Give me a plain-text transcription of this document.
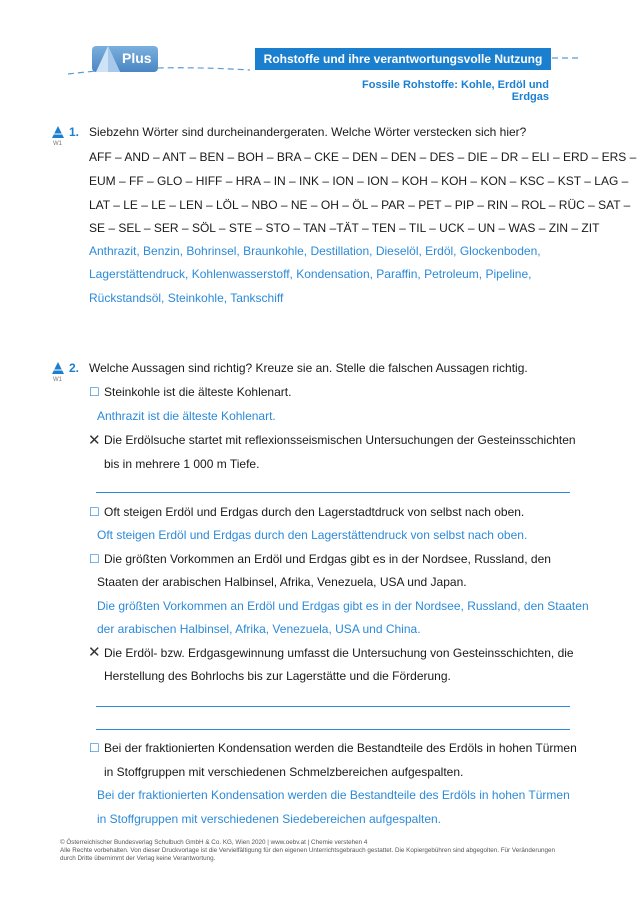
Plus	Rohstoffe und ihre verantwortungsvolle Nutzung
Fossile Rohstoffe: Kohle, Erdöl und Erdgas
W1
1. Siebzehn Wörter sind durcheinandergeraten. Welche Wörter verstecken sich hier?
AFF – AND – ANT – BEN – BOH – BRA – CKE – DEN – DEN – DES – DIE – DR – ELI – ERD – ERS –
EUM – FF – GLO – HIFF – HRA – IN – INK – ION – ION – KOH – KOH – KON – KSC – KST – LAG –
LAT – LE – LE – LEN – LÖL – NBO – NE – OH – ÖL – PAR – PET – PIP – RIN – ROL – RÜC – SAT –
SE – SEL – SER – SÖL – STE – STO – TAN –TÄT – TEN – TIL – UCK – UN – WAS – ZIN – ZIT
Anthrazit, Benzin, Bohrinsel, Braunkohle, Destillation, Dieselöl, Erdöl, Glockenboden,
Lagerstättendruck, Kohlenwasserstoff, Kondensation, Paraffin, Petroleum, Pipeline,
Rückstandsöl, Steinkohle, Tankschiff
W1
2. Welche Aussagen sind richtig? Kreuze sie an. Stelle die falschen Aussagen richtig.
☐ Steinkohle ist die älteste Kohlenart.
Anthrazit ist die älteste Kohlenart.
✕ Die Erdölsuche startet mit reflexionsseismischen Untersuchungen der Gesteinsschichten
bis in mehrere 1 000 m Tiefe.
☐ Oft steigen Erdöl und Erdgas durch den Lagerstadtdruck von selbst nach oben.
Oft steigen Erdöl und Erdgas durch den Lagerstättendruck von selbst nach oben.
☐ Die größten Vorkommen an Erdöl und Erdgas gibt es in der Nordsee, Russland, den
Staaten der arabischen Halbinsel, Afrika, Venezuela, USA und Japan.
Die größten Vorkommen an Erdöl und Erdgas gibt es in der Nordsee, Russland, den Staaten
der arabischen Halbinsel, Afrika, Venezuela, USA und China.
✕ Die Erdöl- bzw. Erdgasgewinnung umfasst die Untersuchung von Gesteinsschichten, die
Herstellung des Bohrlochs bis zur Lagerstätte und die Förderung.
☐ Bei der fraktionierten Kondensation werden die Bestandteile des Erdöls in hohen Türmen
in Stoffgruppen mit verschiedenen Schmelzbereichen aufgespalten.
Bei der fraktionierten Kondensation werden die Bestandteile des Erdöls in hohen Türmen
in Stoffgruppen mit verschiedenen Siedebereichen aufgespalten.
© Österreichischer Bundesverlag Schulbuch GmbH & Co. KG, Wien 2020 | www.oebv.at | Chemie verstehen 4
Alle Rechte vorbehalten. Von dieser Druckvorlage ist die Vervielfältigung für den eigenen Unterrichtsgebrauch gestattet. Die Kopiergebühren sind abgegolten. Für Veränderungen
durch Dritte übernimmt der Verlag keine Verantwortung.
